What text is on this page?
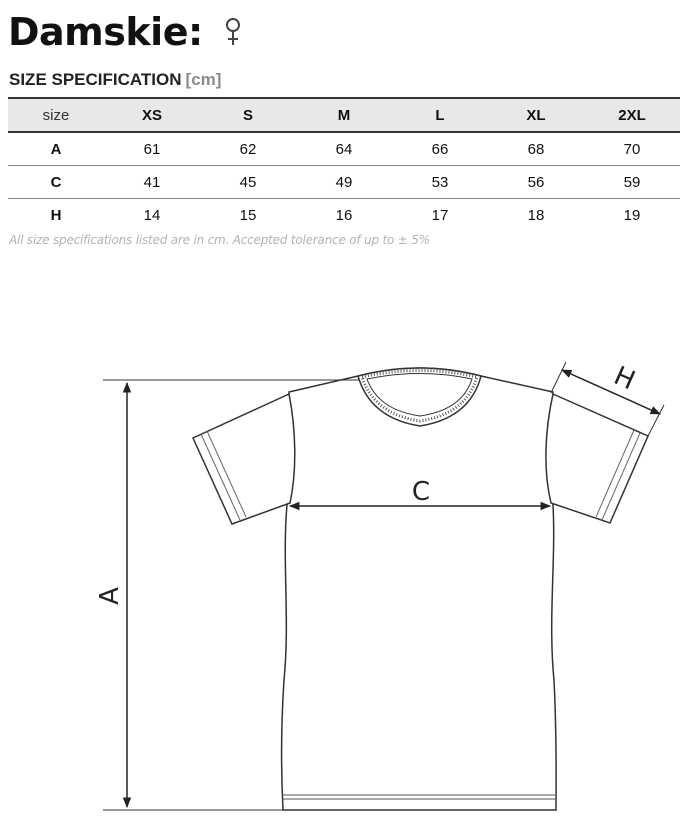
Damskie:
SIZE SPECIFICATION [cm]
size	XS	S	M	L	XL	2XL
A	61	62	64	66	68	70
C	41	45	49	53	56	59
H	14	15	16	17	18	19
All size specifications listed are in cm. Accepted tolerance of up to ± 5%
A
C
H
